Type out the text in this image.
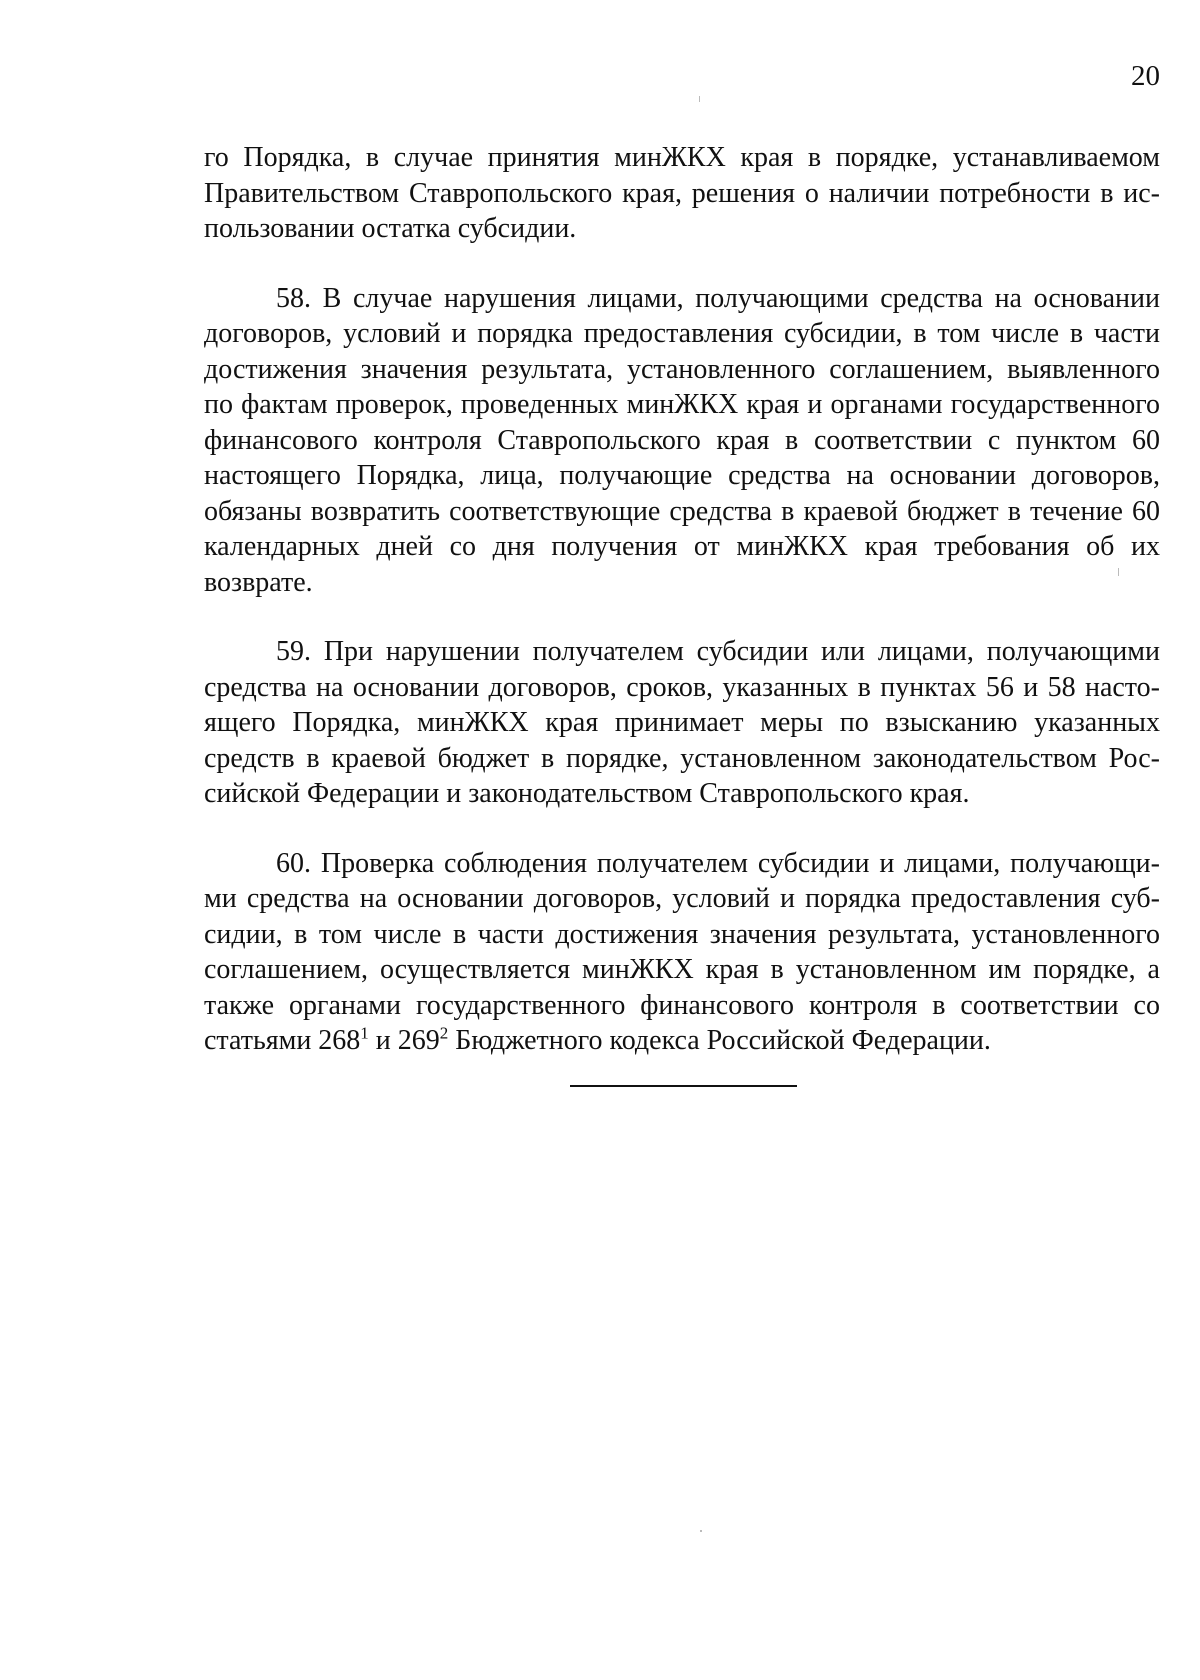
20

го Порядка, в случае принятия минЖКХ края в порядке, устанавливаемом Правительством Ставропольского края, решения о наличии потребности в использовании остатка субсидии.

58. В случае нарушения лицами, получающими средства на основании договоров, условий и порядка предоставления субсидии, в том числе в части достижения значения результата, установленного соглашением, выявленного по фактам проверок, проведенных минЖКХ края и органами государственного финансового контроля Ставропольского края в соответствии с пунктом 60 настоящего Порядка, лица, получающие средства на основании договоров, обязаны возвратить соответствующие средства в краевой бюджет в течение 60 календарных дней со дня получения от минЖКХ края требования об их возврате.

59. При нарушении получателем субсидии или лицами, получающими средства на основании договоров, сроков, указанных в пунктах 56 и 58 настоящего Порядка, минЖКХ края принимает меры по взысканию указанных средств в краевой бюджет в порядке, установленном законодательством Российской Федерации и законодательством Ставропольского края.

60. Проверка соблюдения получателем субсидии и лицами, получающими средства на основании договоров, условий и порядка предоставления субсидии, в том числе в части достижения значения результата, установленного соглашением, осуществляется минЖКХ края в установленном им порядке, а также органами государственного финансового контроля в соответствии со статьями $268^1$ и $269^2$ Бюджетного кодекса Российской Федерации.
